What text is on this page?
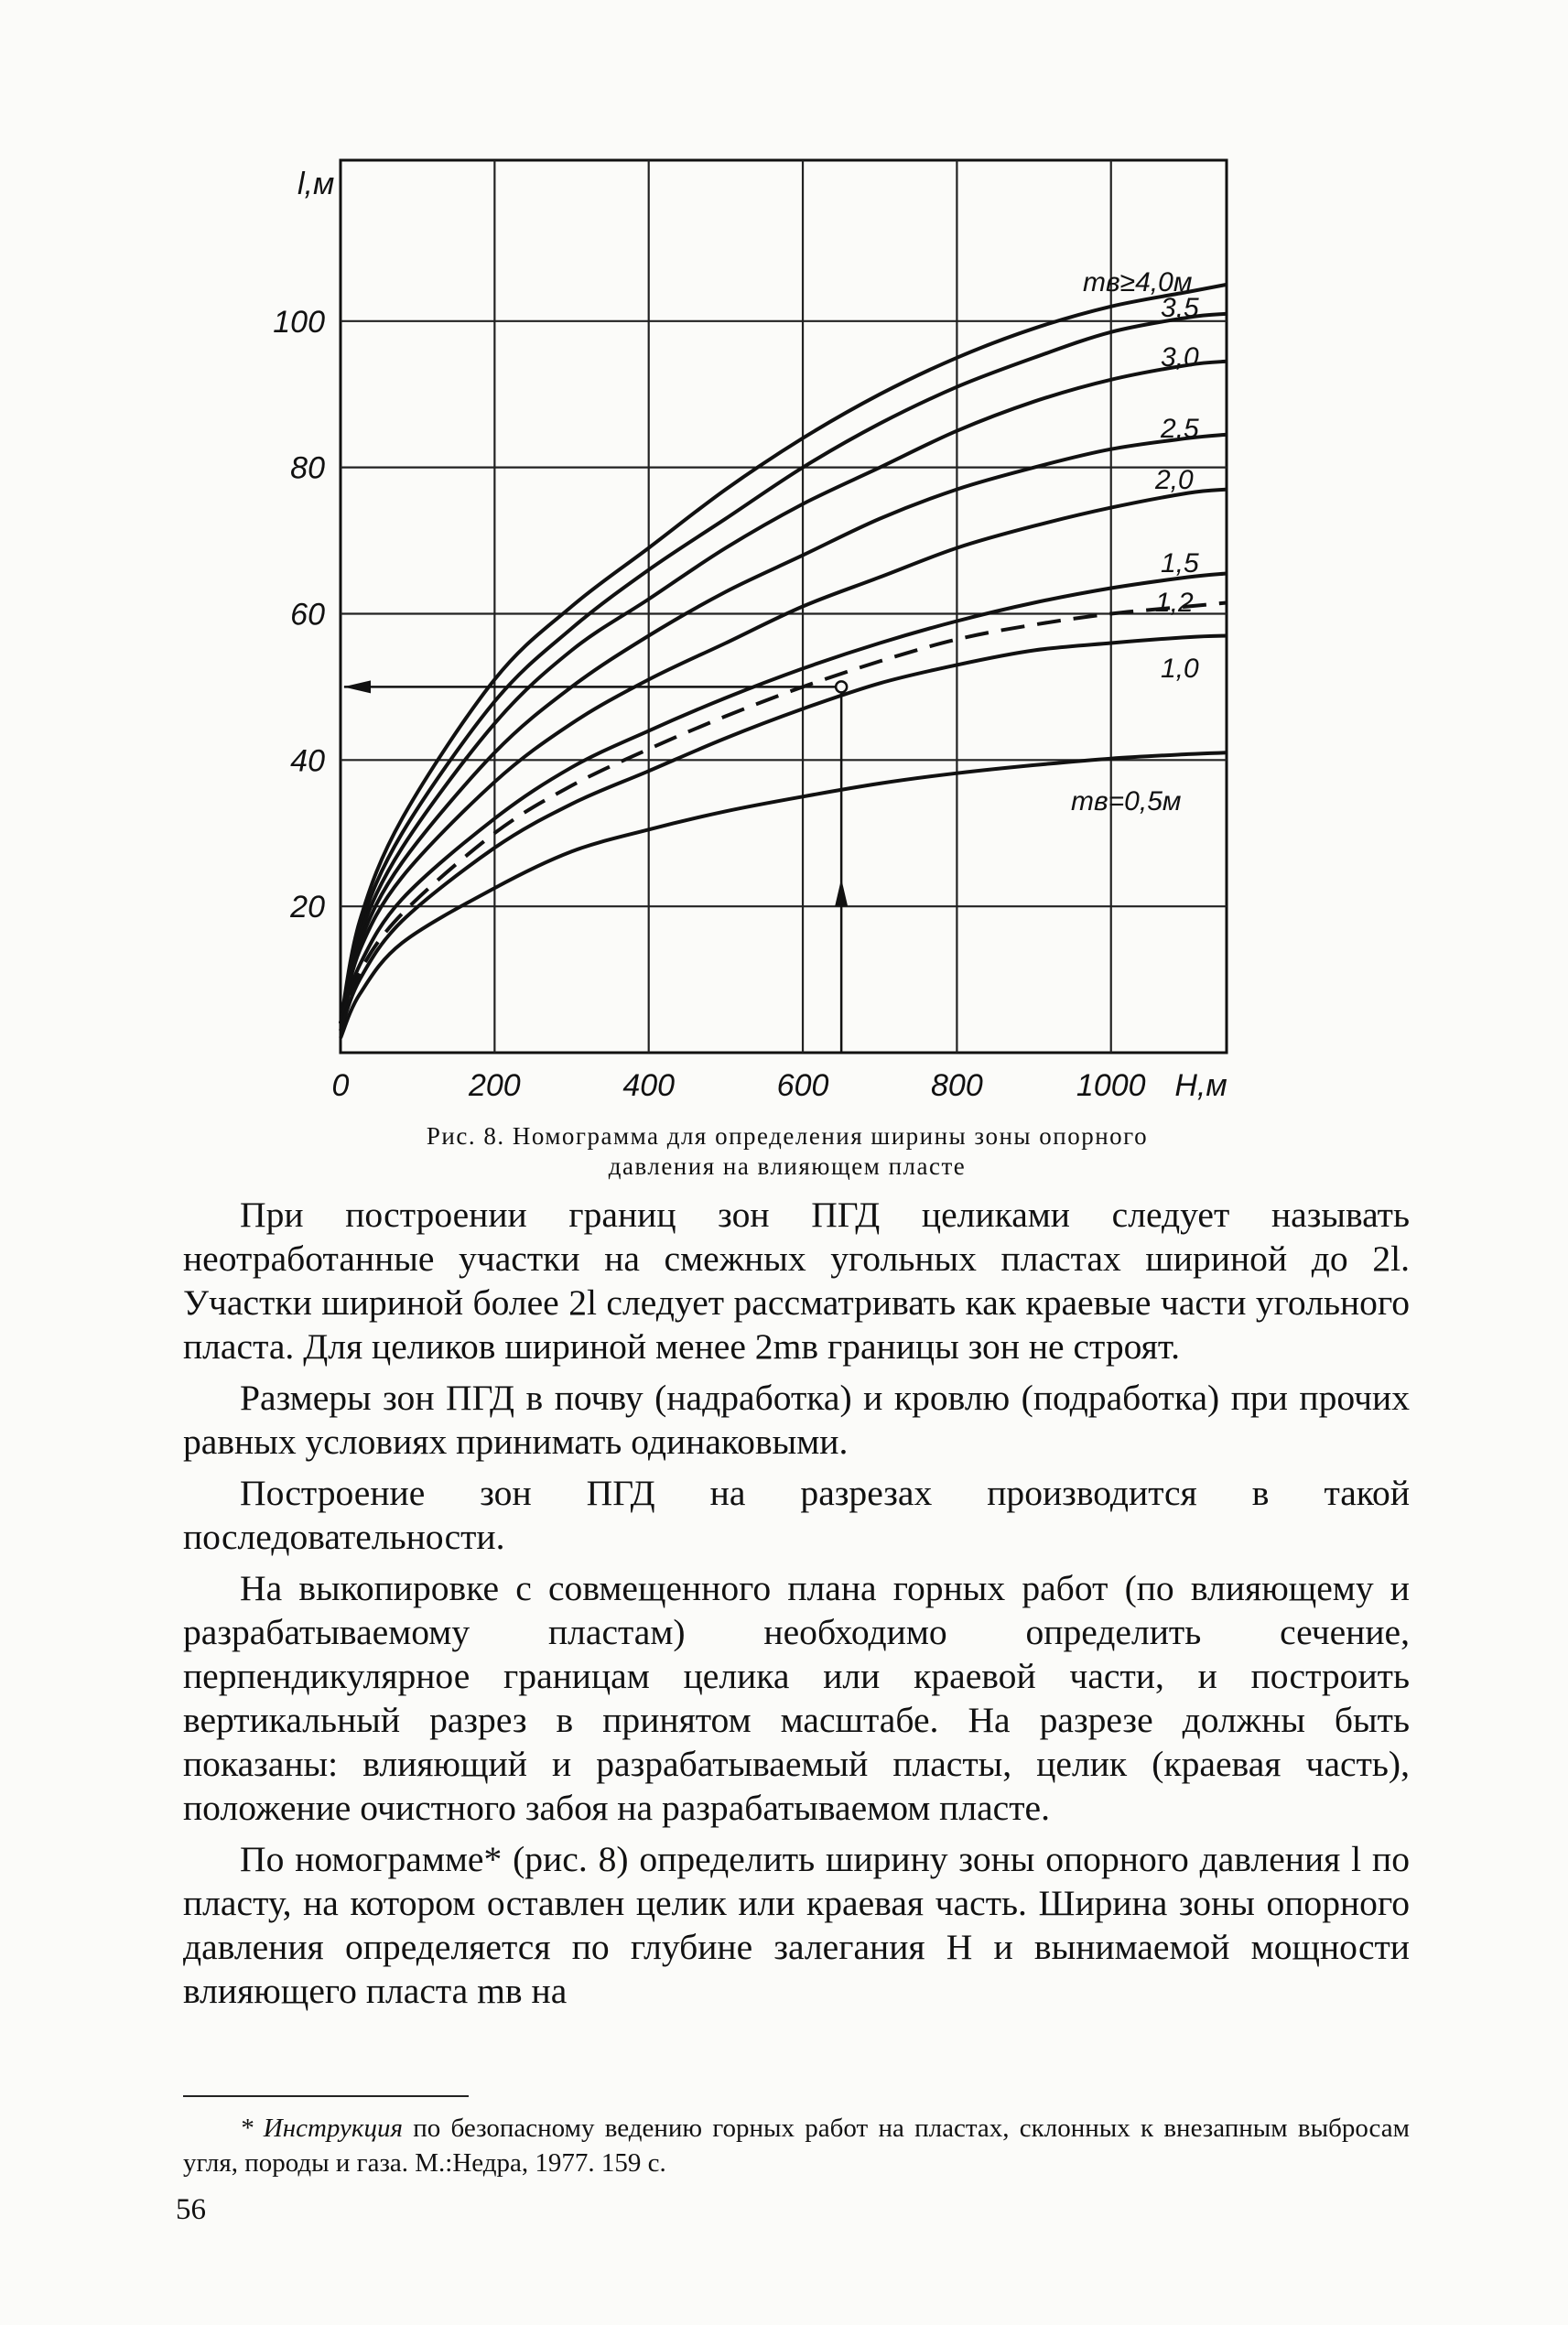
20
40
60
80
100
0	200	400	600	800	1000 Н,м
l,м
mв≥4,0м
3,5
3,0
2,5
2,0
1,5
1,2
1,0
mв=0,5м
Рис. 8. Номограмма для определения ширины зоны опорного
давления на влияющем пласте

При построении границ зон ПГД целиками следует называть неотработанные участки на смежных угольных пластах шириной до 2l. Участки шириной более 2l следует рассматривать как краевые части угольного пласта. Для целиков шириной менее 2mв границы зон не строят.

Размеры зон ПГД в почву (надработка) и кровлю (подработка) при прочих равных условиях принимать одинаковыми.

Построение зон ПГД на разрезах производится в такой последовательности.

На выкопировке с совмещенного плана горных работ (по влияющему и разрабатываемому пластам) необходимо определить сечение, перпендикулярное границам целика или краевой части, и построить вертикальный разрез в принятом масштабе. На разрезе должны быть показаны: влияющий и разрабатываемый пласты, целик (краевая часть), положение очистного забоя на разрабатываемом пласте.

По номограмме* (рис. 8) определить ширину зоны опорного давления l по пласту, на котором оставлен целик или краевая часть. Ширина зоны опорного давления определяется по глубине залегания Н и вынимаемой мощности влияющего пласта mв на

* Инструкция по безопасному ведению горных работ на пластах, склонных к внезапным выбросам угля, породы и газа. М.:Недра, 1977. 159 с.
56
